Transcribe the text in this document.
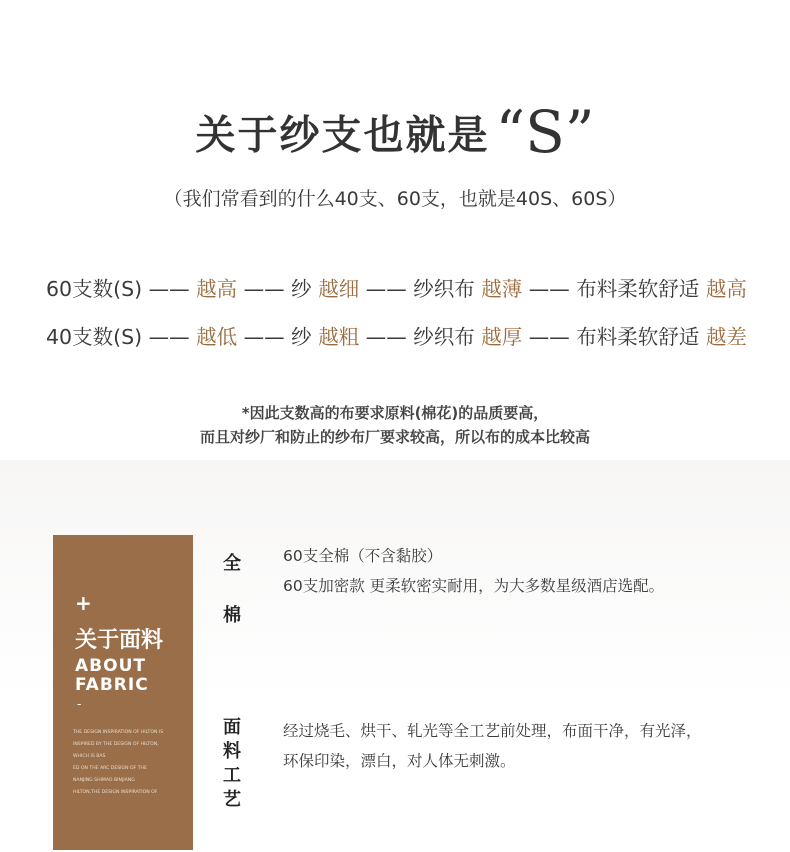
关于纱支也就是 “S”
（我们常看到的什么40支、60支，也就是40S、60S）
60支数(S) —— 越高 —— 纱 越细 —— 纱织布 越薄 —— 布料柔软舒适 越高
40支数(S) —— 越低 —— 纱 越粗 —— 纱织布 越厚 —— 布料柔软舒适 越差
*因此支数高的布要求原料(棉花)的品质要高，
而且对纱厂和防止的纱布厂要求较高，所以布的成本比较高
+
关于面料
ABOUT
FABRIC
-
THE DESIGN INSPIRATION OF HILTON IS
INSPIRED BY THE DESIGN OF HILTON,
WHICH IS BAS
ED ON THE ARC DESIGN OF THE
NANJING SHIMAO BINJIANG
HILTON,THE DESIGN INSPIRATION OF
全
棉
60支全棉（不含黏胶）
60支加密款 更柔软密实耐用，为大多数星级酒店选配。
面
料
工
艺
经过烧毛、烘干、轧光等全工艺前处理，布面干净，有光泽，
环保印染，漂白，对人体无刺激。
